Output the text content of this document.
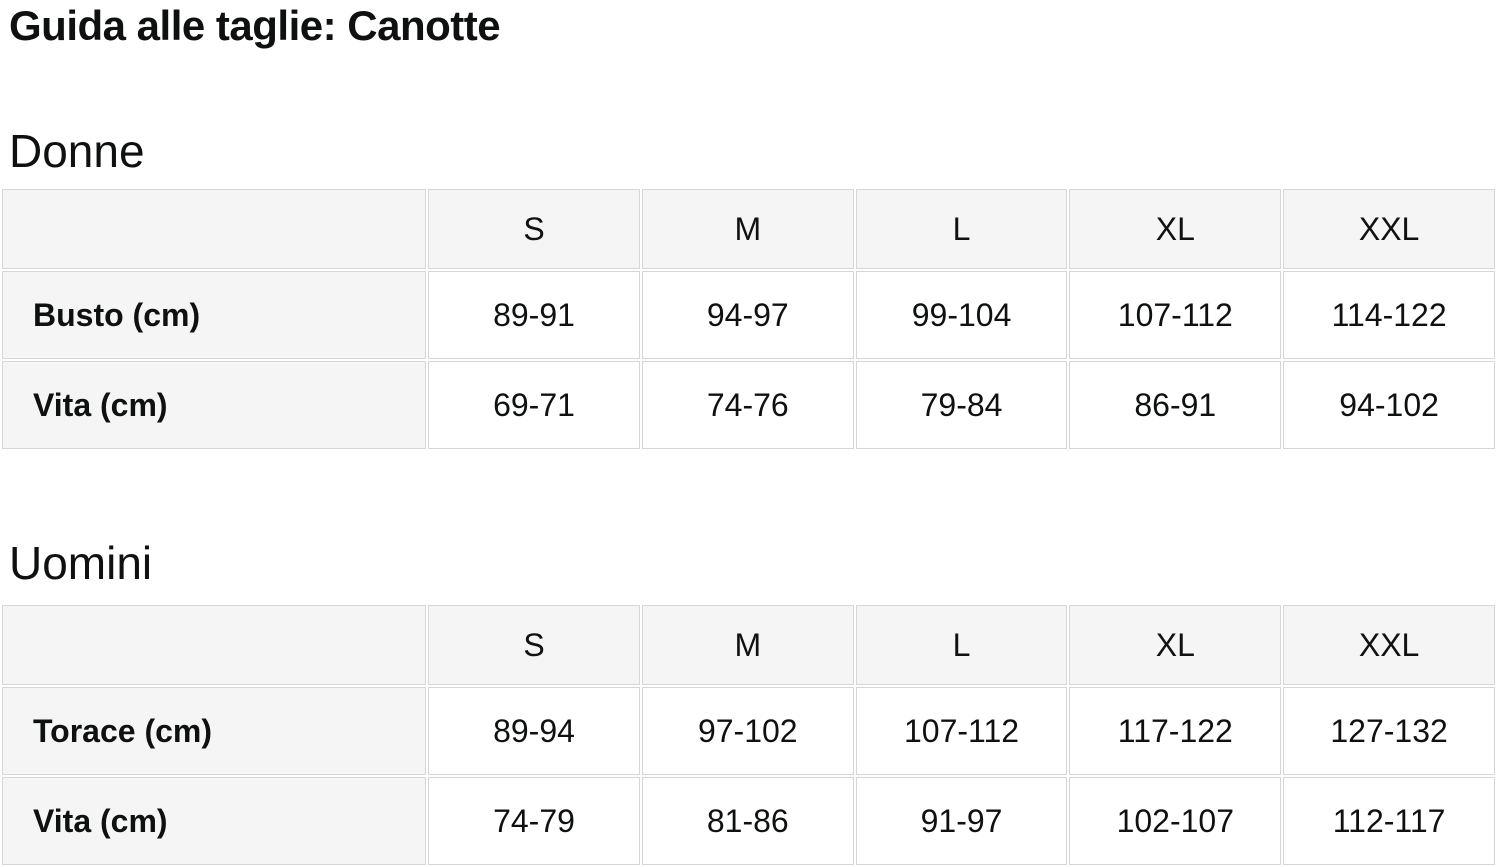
Guida alle taglie: Canotte
Donne
	S	M	L	XL	XXL
Busto (cm)	89-91	94-97	99-104	107-112	114-122
Vita (cm)	69-71	74-76	79-84	86-91	94-102
Uomini
	S	M	L	XL	XXL
Torace (cm)	89-94	97-102	107-112	117-122	127-132
Vita (cm)	74-79	81-86	91-97	102-107	112-117
